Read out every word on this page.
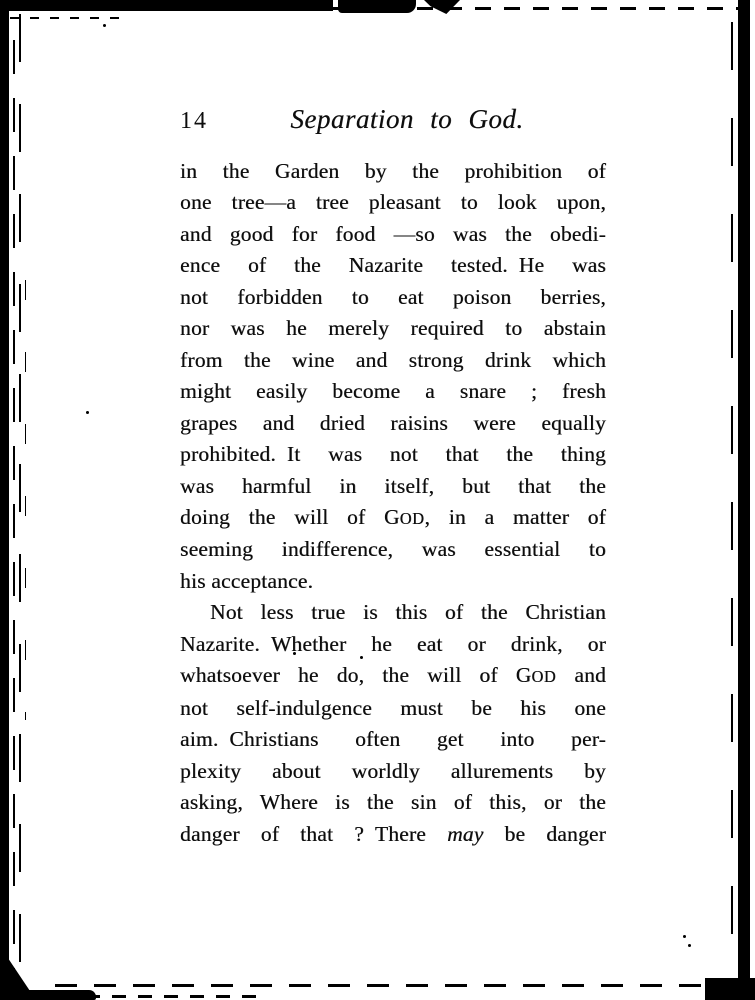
14	Separation to God.
in the Garden by the prohibition of
one tree—a tree pleasant to look upon,
and good for food —so was the obedi-
ence of the Nazarite tested. He was
not forbidden to eat poison berries,
nor was he merely required to abstain
from the wine and strong drink which
might easily become a snare ; fresh
grapes and dried raisins were equally
prohibited. It was not that the thing
was harmful in itself, but that the
doing the will of GOD, in a matter of
seeming indifference, was essential to
his acceptance.
Not less true is this of the Christian
Nazarite. Whether he eat or drink, or
whatsoever he do, the will of GOD and
not self-indulgence must be his one
aim. Christians often get into per-
plexity about worldly allurements by
asking, Where is the sin of this, or the
danger of that ? There may be danger
